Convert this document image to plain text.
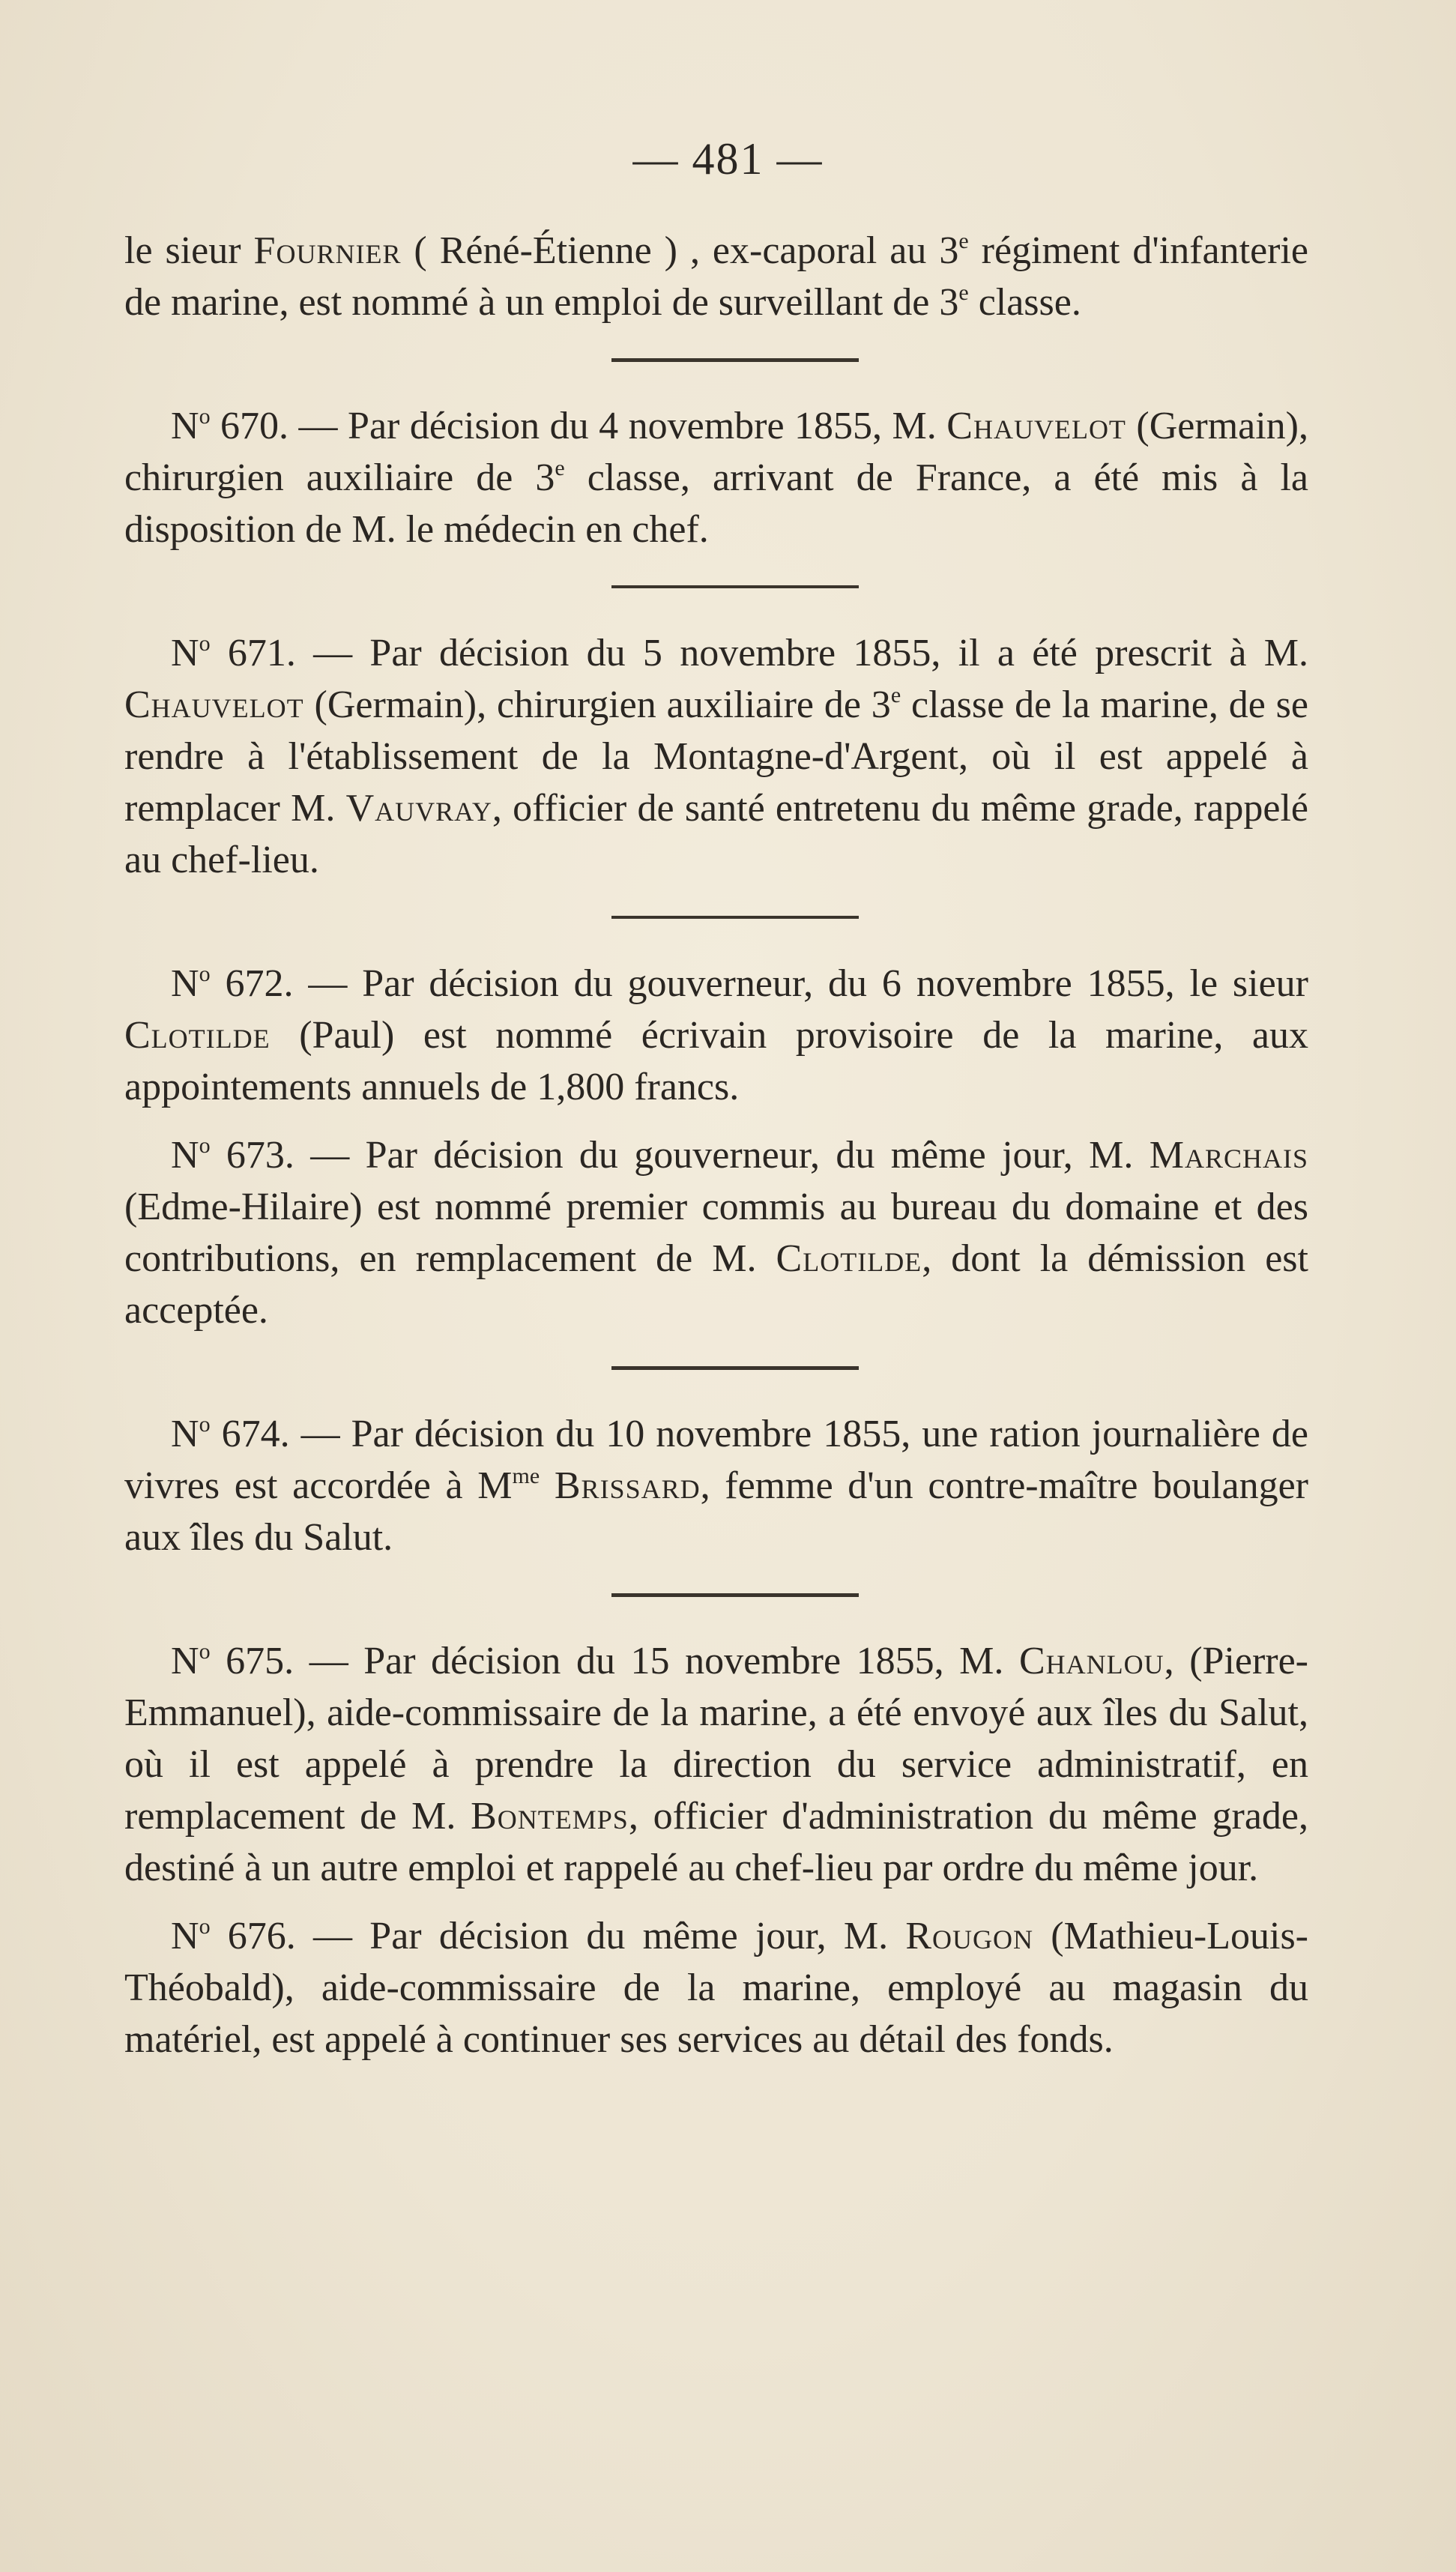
— 481 —

le sieur Fournier ( Réné-Étienne ) , ex-caporal au 3e régiment d'infanterie de marine, est nommé à un emploi de surveillant de 3e classe.

$N^o$ 670. — Par décision du 4 novembre 1855, M. Chauvelot (Germain), chirurgien auxiliaire de 3e classe, arrivant de France, a été mis à la disposition de M. le médecin en chef.

$N^o$ 671. — Par décision du 5 novembre 1855, il a été prescrit à M. Chauvelot (Germain), chirurgien auxiliaire de 3e classe de la marine, de se rendre à l'établissement de la Montagne-d'Argent, où il est appelé à remplacer M. Vauvray, officier de santé entretenu du même grade, rappelé au chef-lieu.

$N^o$ 672. — Par décision du gouverneur, du 6 novembre 1855, le sieur Clotilde (Paul) est nommé écrivain provisoire de la marine, aux appointements annuels de 1,800 francs.

$N^o$ 673. — Par décision du gouverneur, du même jour, M. Marchais (Edme-Hilaire) est nommé premier commis au bureau du domaine et des contributions, en remplacement de M. Clotilde, dont la démission est acceptée.

$N^o$ 674. — Par décision du 10 novembre 1855, une ration journalière de vivres est accordée à $M^{me}$ Brissard, femme d'un contre-maître boulanger aux îles du Salut.

$N^o$ 675. — Par décision du 15 novembre 1855, M. Chanlou, (Pierre-Emmanuel), aide-commissaire de la marine, a été envoyé aux îles du Salut, où il est appelé à prendre la direction du service administratif, en remplacement de M. Bontemps, officier d'administration du même grade, destiné à un autre emploi et rappelé au chef-lieu par ordre du même jour.

$N^o$ 676. — Par décision du même jour, M. Rougon (Mathieu-Louis-Théobald), aide-commissaire de la marine, employé au magasin du matériel, est appelé à continuer ses services au détail des fonds.
